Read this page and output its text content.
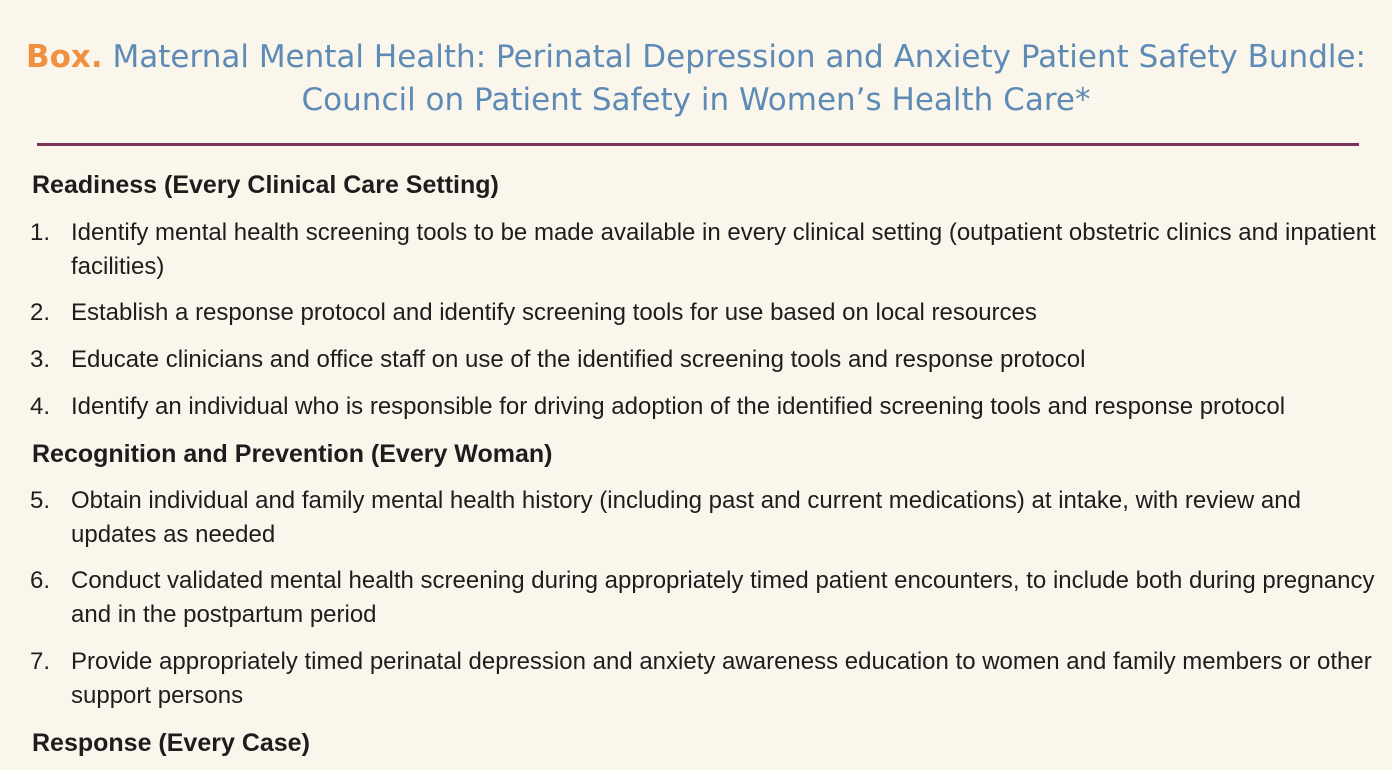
Box. Maternal Mental Health: Perinatal Depression and Anxiety Patient Safety Bundle:
Council on Patient Safety in Women’s Health Care*
Readiness (Every Clinical Care Setting)
1. Identify mental health screening tools to be made available in every clinical setting (outpatient obstetric clinics and inpatient facilities)
2. Establish a response protocol and identify screening tools for use based on local resources
3. Educate clinicians and office staff on use of the identified screening tools and response protocol
4. Identify an individual who is responsible for driving adoption of the identified screening tools and response protocol
Recognition and Prevention (Every Woman)
5. Obtain individual and family mental health history (including past and current medications) at intake, with review and updates as needed
6. Conduct validated mental health screening during appropriately timed patient encounters, to include both during pregnancy and in the postpartum period
7. Provide appropriately timed perinatal depression and anxiety awareness education to women and family members or other support persons
Response (Every Case)
